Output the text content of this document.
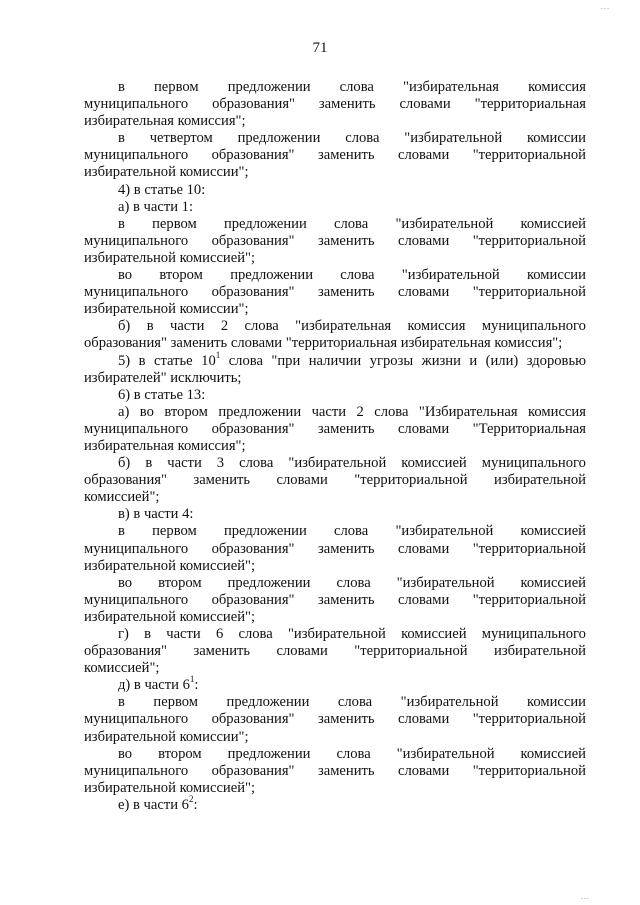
...
71
в первом предложении слова "избирательная комиссия
муниципального образования" заменить словами "территориальная
избирательная комиссия";
в четвертом предложении слова "избирательной комиссии
муниципального образования" заменить словами "территориальной
избирательной комиссии";
4) в статье 10:
а) в части 1:
в первом предложении слова "избирательной комиссией
муниципального образования" заменить словами "территориальной
избирательной комиссией";
во втором предложении слова "избирательной комиссии
муниципального образования" заменить словами "территориальной
избирательной комиссии";
б) в части 2 слова "избирательная комиссия муниципального
образования" заменить словами "территориальная избирательная комиссия";
5) в статье $10^1$ слова "при наличии угрозы жизни и (или) здоровью
избирателей" исключить;
6) в статье 13:
а) во втором предложении части 2 слова "Избирательная комиссия
муниципального образования" заменить словами "Территориальная
избирательная комиссия";
б) в части 3 слова "избирательной комиссией муниципального
образования" заменить словами "территориальной избирательной
комиссией";
в) в части 4:
в первом предложении слова "избирательной комиссией
муниципального образования" заменить словами "территориальной
избирательной комиссией";
во втором предложении слова "избирательной комиссией
муниципального образования" заменить словами "территориальной
избирательной комиссией";
г) в части 6 слова "избирательной комиссией муниципального
образования" заменить словами "территориальной избирательной
комиссией";
д) в части $6^1$:
в первом предложении слова "избирательной комиссии
муниципального образования" заменить словами "территориальной
избирательной комиссии";
во втором предложении слова "избирательной комиссией
муниципального образования" заменить словами "территориальной
избирательной комиссией";
е) в части $6^2$:
...
